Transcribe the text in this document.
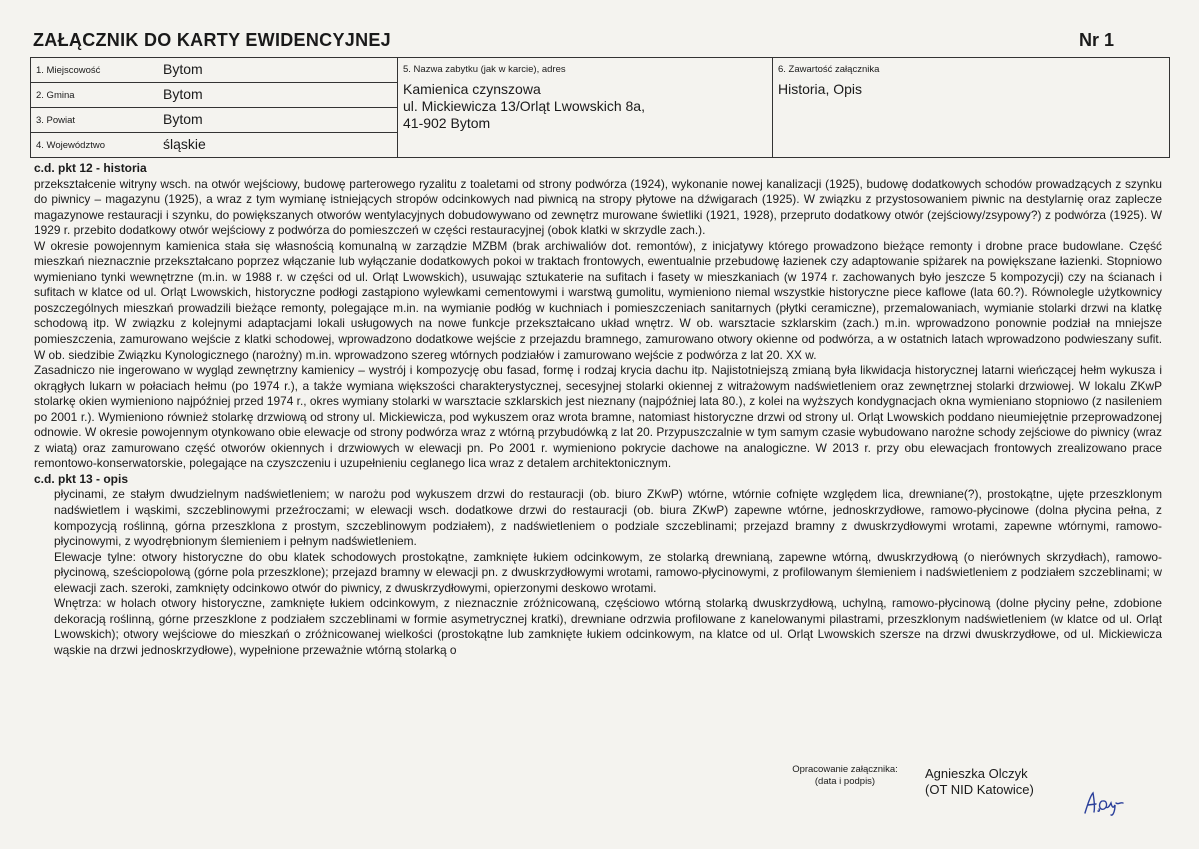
ZAŁĄCZNIK DO KARTY EWIDENCYJNEJ	Nr 1
1. Miejscowość	Bytom
2. Gmina	Bytom
3. Powiat	Bytom
4. Województwo	śląskie
5. Nazwa zabytku (jak w karcie), adres
Kamienica czynszowa
ul. Mickiewicza 13/Orląt Lwowskich 8a,
41-902 Bytom
6. Zawartość załącznika
Historia, Opis

c.d. pkt 12 - historia

przekształcenie witryny wsch. na otwór wejściowy, budowę parterowego ryzalitu z toaletami od strony podwórza (1924), wykonanie nowej kanalizacji (1925), budowę dodatkowych schodów prowadzących z szynku do piwnicy – magazynu (1925), a wraz z tym wymianę istniejących stropów odcinkowych nad piwnicą na stropy płytowe na dźwigarach (1925). W związku z przystosowaniem piwnic na destylarnię oraz zaplecze magazynowe restauracji i szynku, do powiększanych otworów wentylacyjnych dobudowywano od zewnętrz murowane świetliki (1921, 1928), przepruto dodatkowy otwór (zejściowy/zsypowy?) z podwórza (1925). W 1929 r. przebito dodatkowy otwór wejściowy z podwórza do pomieszczeń w części restauracyjnej (obok klatki w skrzydle zach.).

W okresie powojennym kamienica stała się własnością komunalną w zarządzie MZBM (brak archiwaliów dot. remontów), z inicjatywy którego prowadzono bieżące remonty i drobne prace budowlane. Część mieszkań nieznacznie przekształcano poprzez włączanie lub wyłączanie dodatkowych pokoi w traktach frontowych, ewentualnie przebudowę łazienek czy adaptowanie spiżarek na powiększane łazienki. Stopniowo wymieniano tynki wewnętrzne (m.in. w 1988 r. w części od ul. Orląt Lwowskich), usuwając sztukaterie na sufitach i fasety w mieszkaniach (w 1974 r. zachowanych było jeszcze 5 kompozycji) czy na ścianach i sufitach w klatce od ul. Orląt Lwowskich, historyczne podłogi zastąpiono wylewkami cementowymi i warstwą gumolitu, wymieniono niemal wszystkie historyczne piece kaflowe (lata 60.?). Równolegle użytkownicy poszczególnych mieszkań prowadzili bieżące remonty, polegające m.in. na wymianie podłóg w kuchniach i pomieszczeniach sanitarnych (płytki ceramiczne), przemalowaniach, wymianie stolarki drzwi na klatkę schodową itp. W związku z kolejnymi adaptacjami lokali usługowych na nowe funkcje przekształcano układ wnętrz. W ob. warsztacie szklarskim (zach.) m.in. wprowadzono ponownie podział na mniejsze pomieszczenia, zamurowano wejście z klatki schodowej, wprowadzono dodatkowe wejście z przejazdu bramnego, zamurowano otwory okienne od podwórza, a w ostatnich latach wprowadzono podwieszany sufit. W ob. siedzibie Związku Kynologicznego (narożny) m.in. wprowadzono szereg wtórnych podziałów i zamurowano wejście z podwórza z lat 20. XX w.

Zasadniczo nie ingerowano w wygląd zewnętrzny kamienicy – wystrój i kompozycję obu fasad, formę i rodzaj krycia dachu itp. Najistotniejszą zmianą była likwidacja historycznej latarni wieńczącej hełm wykusza i okrągłych lukarn w połaciach hełmu (po 1974 r.), a także wymiana większości charakterystycznej, secesyjnej stolarki okiennej z witrażowym nadświetleniem oraz zewnętrznej stolarki drzwiowej. W lokalu ZKwP stolarkę okien wymieniono najpóźniej przed 1974 r., okres wymiany stolarki w warsztacie szklarskich jest nieznany (najpóźniej lata 80.), z kolei na wyższych kondygnacjach okna wymieniano stopniowo (z nasileniem po 2001 r.). Wymieniono również stolarkę drzwiową od strony ul. Mickiewicza, pod wykuszem oraz wrota bramne, natomiast historyczne drzwi od strony ul. Orląt Lwowskich poddano nieumiejętnie przeprowadzonej odnowie. W okresie powojennym otynkowano obie elewacje od strony podwórza wraz z wtórną przybudówką z lat 20. Przypuszczalnie w tym samym czasie wybudowano narożne schody zejściowe do piwnicy (wraz z wiatą) oraz zamurowano część otworów okiennych i drzwiowych w elewacji pn. Po 2001 r. wymieniono pokrycie dachowe na analogiczne. W 2013 r. przy obu elewacjach frontowych zrealizowano prace remontowo-konserwatorskie, polegające na czyszczeniu i uzupełnieniu ceglanego lica wraz z detalem architektonicznym.

c.d. pkt 13 - opis

płycinami, ze stałym dwudzielnym nadświetleniem; w narożu pod wykuszem drzwi do restauracji (ob. biuro ZKwP) wtórne, wtórnie cofnięte względem lica, drewniane(?), prostokątne, ujęte przeszklonym nadświetlem i wąskimi, szczeblinowymi przeźroczami; w elewacji wsch. dodatkowe drzwi do restauracji (ob. biura ZKwP) zapewne wtórne, jednoskrzydłowe, ramowo-płycinowe (dolna płycina pełna, z kompozycją roślinną, górna przeszklona z prostym, szczeblinowym podziałem), z nadświetleniem o podziale szczeblinami; przejazd bramny z dwuskrzydłowymi wrotami, zapewne wtórnymi, ramowo-płycinowymi, z wyodrębnionym ślemieniem i pełnym nadświetleniem.

Elewacje tylne: otwory historyczne do obu klatek schodowych prostokątne, zamknięte łukiem odcinkowym, ze stolarką drewnianą, zapewne wtórną, dwuskrzydłową (o nierównych skrzydłach), ramowo-płycinową, sześciopolową (górne pola przeszklone); przejazd bramny w elewacji pn. z dwuskrzydłowymi wrotami, ramowo-płycinowymi, z profilowanym ślemieniem i nadświetleniem z podziałem szczeblinami; w elewacji zach. szeroki, zamknięty odcinkowo otwór do piwnicy, z dwuskrzydłowymi, opierzonymi deskowo wrotami.

Wnętrza: w holach otwory historyczne, zamknięte łukiem odcinkowym, z nieznacznie zróżnicowaną, częściowo wtórną stolarką dwuskrzydłową, uchylną, ramowo-płycinową (dolne płyciny pełne, zdobione dekoracją roślinną, górne przeszklone z podziałem szczeblinami w formie asymetrycznej kratki), drewniane odrzwia profilowane z kanelowanymi pilastrami, przeszklonym nadświetleniem (w klatce od ul. Orląt Lwowskich); otwory wejściowe do mieszkań o zróżnicowanej wielkości (prostokątne lub zamknięte łukiem odcinkowym, na klatce od ul. Orląt Lwowskich szersze na drzwi dwuskrzydłowe, od ul. Mickiewicza wąskie na drzwi jednoskrzydłowe), wypełnione przeważnie wtórną stolarką o

Opracowanie załącznika:
(data i podpis)
Agnieszka Olczyk
(OT NID Katowice)
